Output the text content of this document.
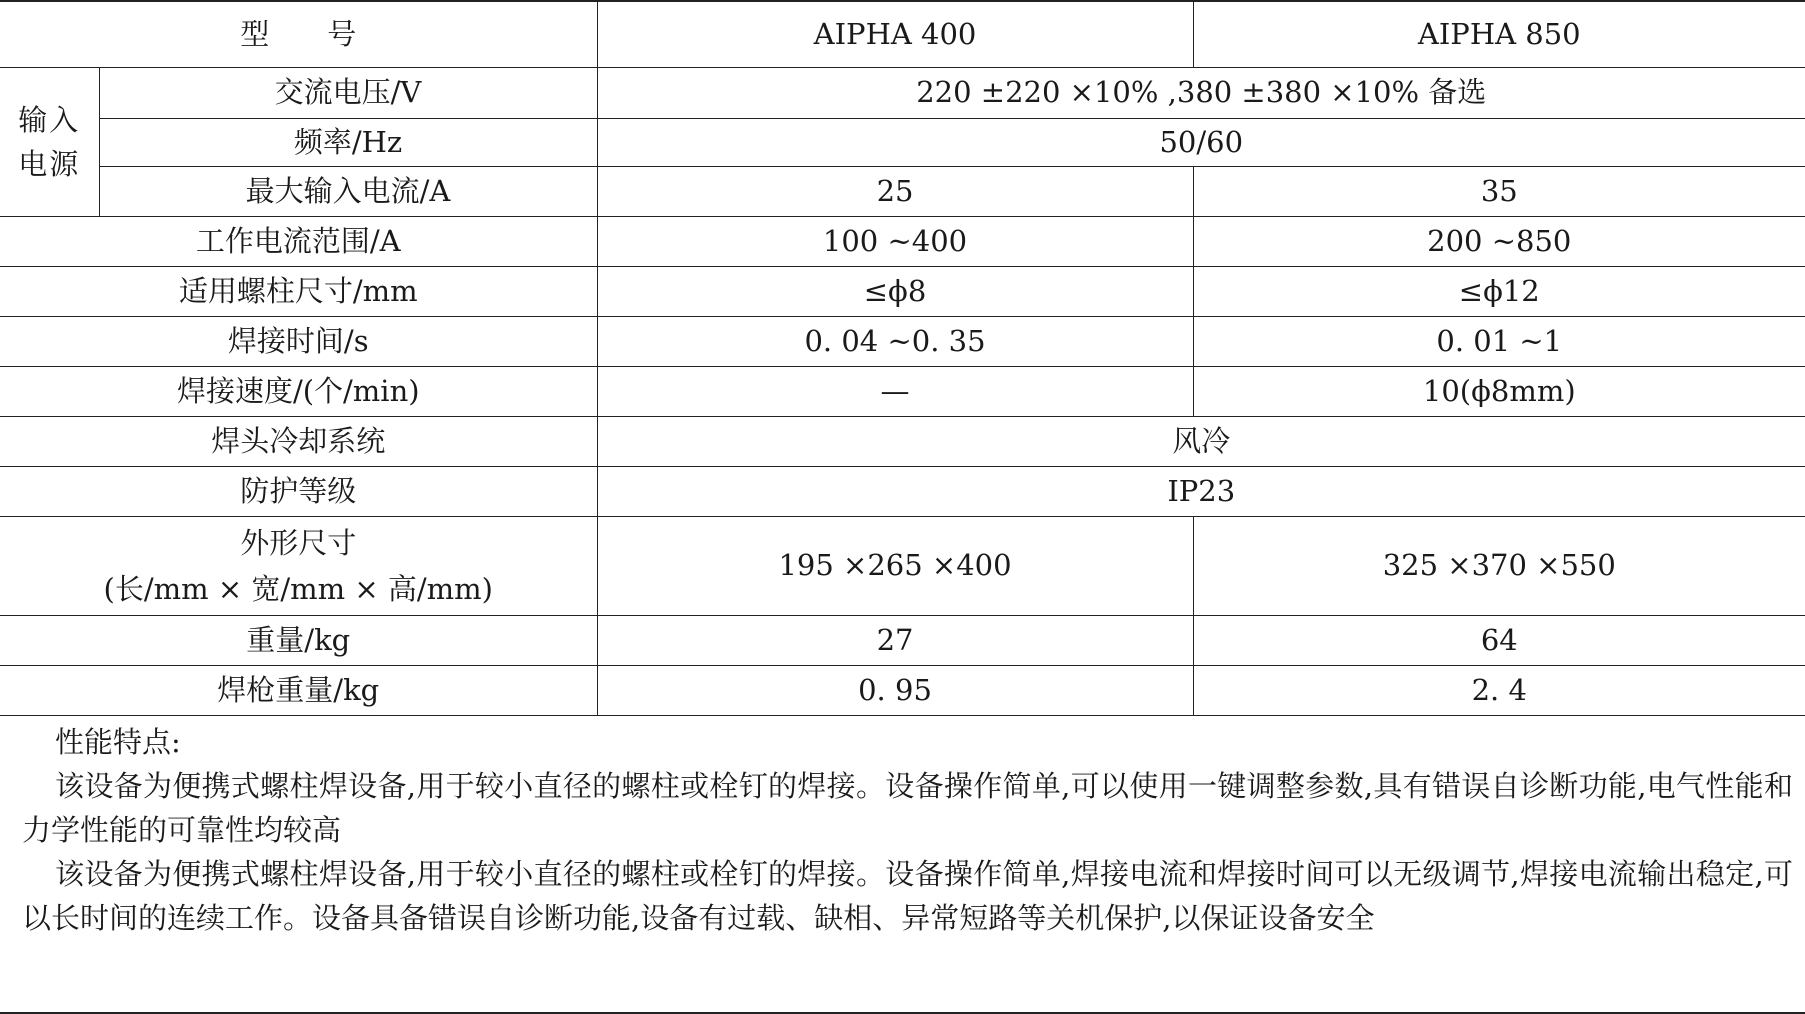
型　　号		AIPHA 400	AIPHA 850
输入电源	交流电压/V	220 ±220 ×10% ,380 ±380 ×10% 备选	
	频率/Hz	50/60	
	最大输入电流/A	25	35
工作电流范围/A		100 ~400	200 ~850
适用螺柱尺寸/mm		≤ϕ8	≤ϕ12
焊接时间/s		0. 04 ~0. 35	0. 01 ~1
焊接速度/(个/min)		—	10(ϕ8mm)
焊头冷却系统		风冷	
防护等级		IP23	

外形尺寸
(长/mm × 宽/mm × 高/mm)		195 ×265 ×400	325 ×370 ×550
重量/kg		27	64
焊枪重量/kg		0. 95	2. 4

性能特点:

该设备为便携式螺柱焊设备,用于较小直径的螺柱或栓钉的焊接。设备操作简单,可以使用一键调整参数,具有错误自诊断功能,电气性能和力学性能的可靠性均较高

该设备为便携式螺柱焊设备,用于较小直径的螺柱或栓钉的焊接。设备操作简单,焊接电流和焊接时间可以无级调节,焊接电流输出稳定,可以长时间的连续工作。设备具备错误自诊断功能,设备有过载、缺相、异常短路等关机保护,以保证设备安全
